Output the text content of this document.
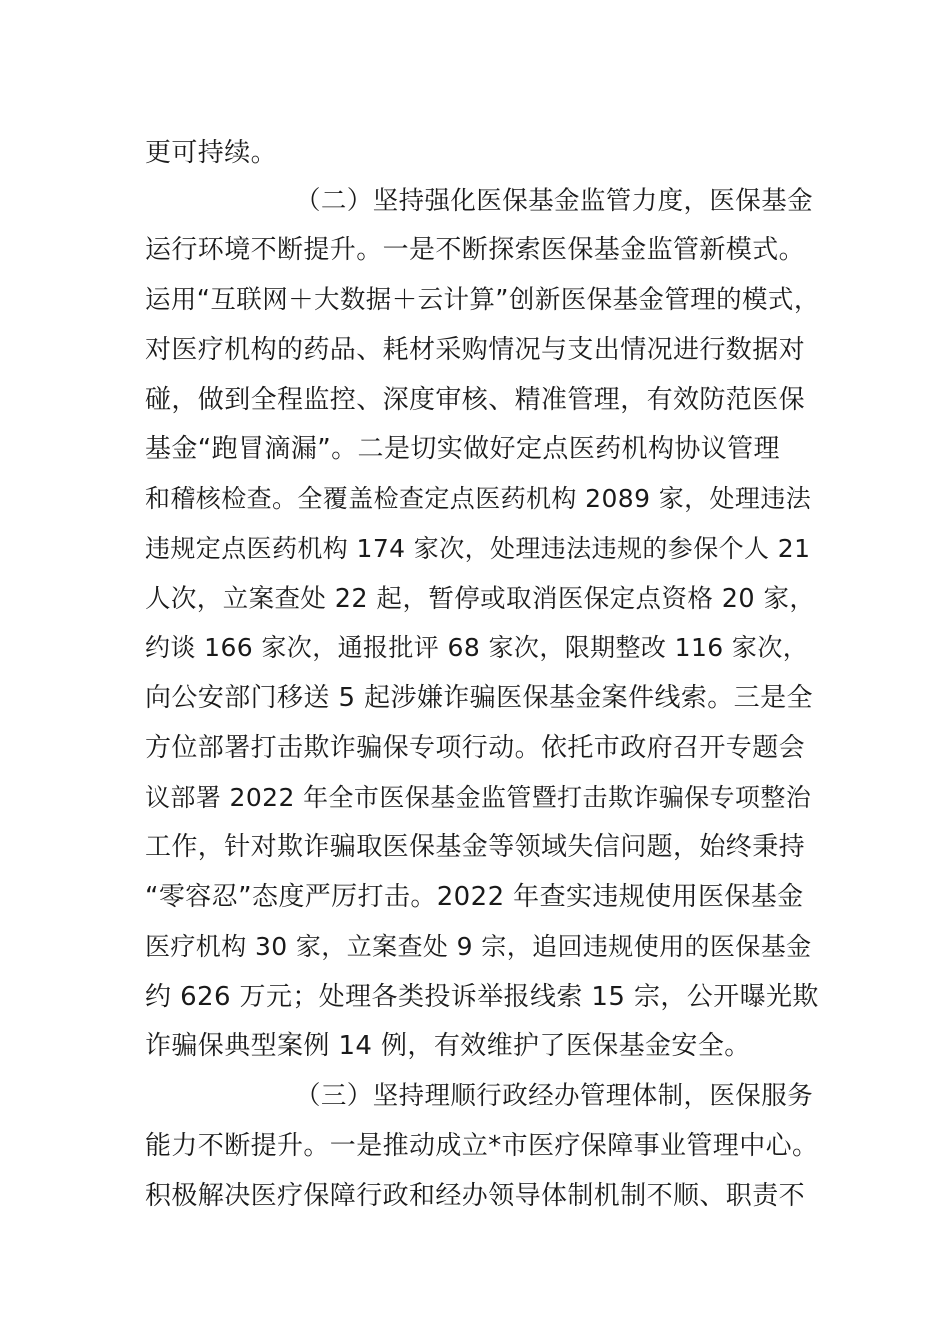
更可持续。
（二）坚持强化医保基金监管力度，医保基金
运行环境不断提升。一是不断探索医保基金监管新模式。
运用“互联网＋大数据＋云计算”创新医保基金管理的模式，
对医疗机构的药品、耗材采购情况与支出情况进行数据对
碰，做到全程监控、深度审核、精准管理，有效防范医保
基金“跑冒滴漏”。二是切实做好定点医药机构协议管理
和稽核检查。全覆盖检查定点医药机构 2089 家，处理违法
违规定点医药机构 174 家次，处理违法违规的参保个人 21
人次，立案查处 22 起，暂停或取消医保定点资格 20 家，
约谈 166 家次，通报批评 68 家次，限期整改 116 家次，
向公安部门移送 5 起涉嫌诈骗医保基金案件线索。三是全
方位部署打击欺诈骗保专项行动。依托市政府召开专题会
议部署 2022 年全市医保基金监管暨打击欺诈骗保专项整治
工作，针对欺诈骗取医保基金等领域失信问题，始终秉持
“零容忍”态度严厉打击。2022 年查实违规使用医保基金
医疗机构 30 家，立案查处 9 宗，追回违规使用的医保基金
约 626 万元；处理各类投诉举报线索 15 宗，公开曝光欺
诈骗保典型案例 14 例，有效维护了医保基金安全。
（三）坚持理顺行政经办管理体制，医保服务
能力不断提升。一是推动成立*市医疗保障事业管理中心。
积极解决医疗保障行政和经办领导体制机制不顺、职责不
